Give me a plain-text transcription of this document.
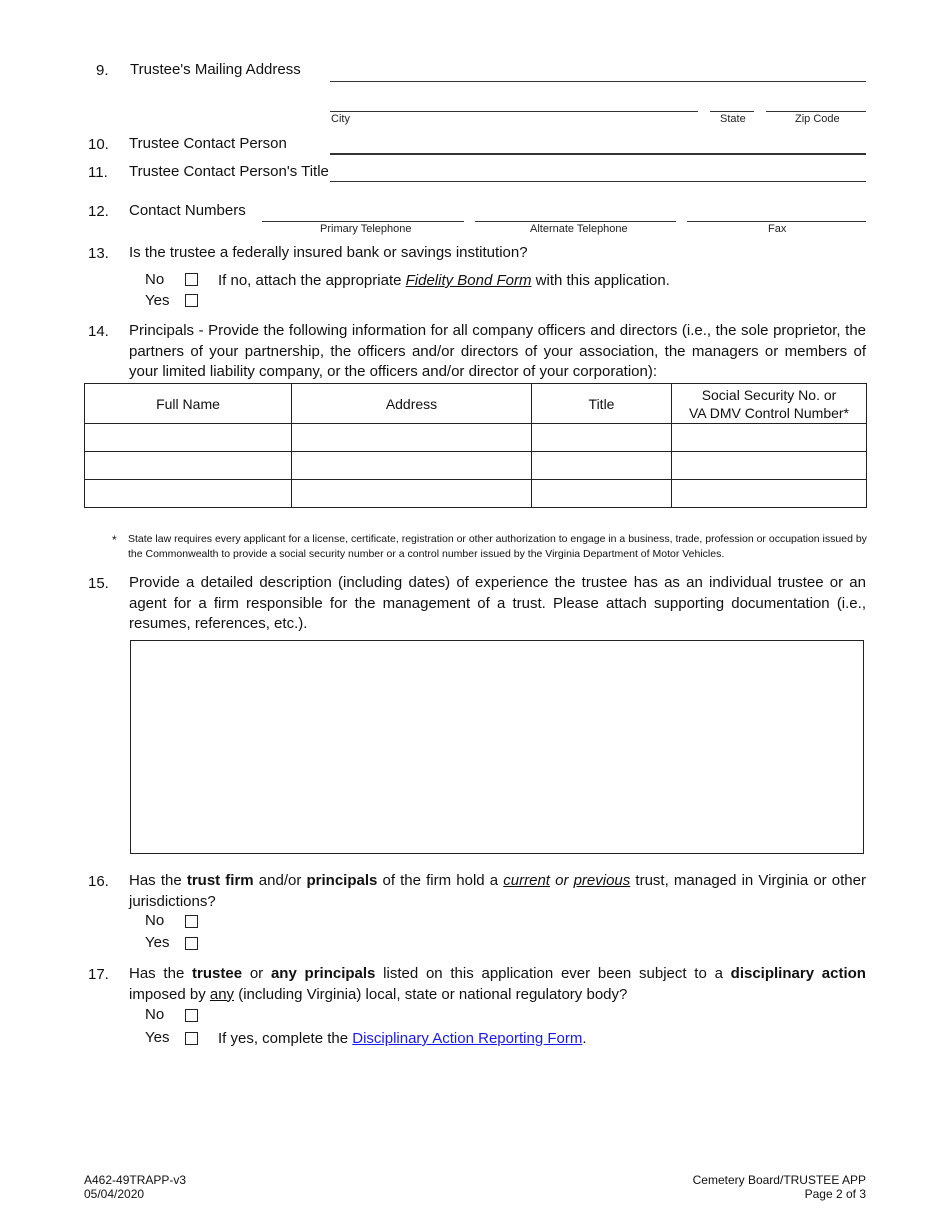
9. Trustee's Mailing Address
City	State	Zip Code
10. Trustee Contact Person
11. Trustee Contact Person's Title
12. Contact Numbers
Primary Telephone	Alternate Telephone	Fax
13. Is the trustee a federally insured bank or savings institution?
No	If no, attach the appropriate Fidelity Bond Form with this application.
Yes
14. Principals - Provide the following information for all company officers and directors (i.e., the sole proprietor, the partners of your partnership, the officers and/or directors of your association, the managers or members of your limited liability company, or the officers and/or director of your corporation):
Full Name	Address	Title	Social Security No. or
VA DMV Control Number*

* State law requires every applicant for a license, certificate, registration or other authorization to engage in a business, trade, profession or occupation issued by the Commonwealth to provide a social security number or a control number issued by the Virginia Department of Motor Vehicles.
15. Provide a detailed description (including dates) of experience the trustee has as an individual trustee or an agent for a firm responsible for the management of a trust. Please attach supporting documentation (i.e., resumes, references, etc.).
16. Has the trust firm and/or principals of the firm hold a current or previous trust, managed in Virginia or other jurisdictions?
No
Yes
17. Has the trustee or any principals listed on this application ever been subject to a disciplinary action imposed by any (including Virginia) local, state or national regulatory body?
No
Yes	If yes, complete the Disciplinary Action Reporting Form.
A462-49TRAPP-v3
05/04/2020
Cemetery Board/TRUSTEE APP
Page 2 of 3
